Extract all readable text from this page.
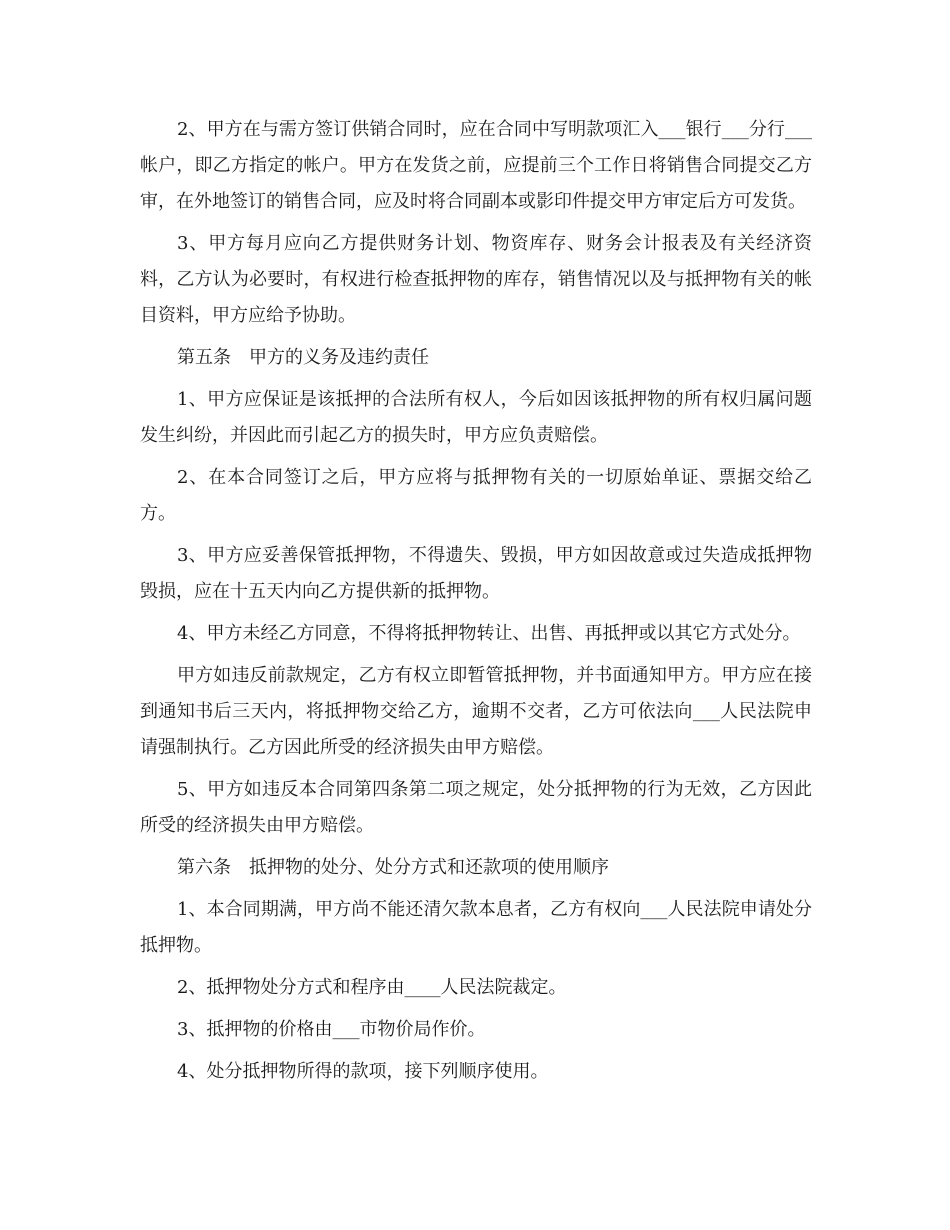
2、甲方在与需方签订供销合同时，应在合同中写明款项汇入___银行___分行___帐户，即乙方指定的帐户。甲方在发货之前，应提前三个工作日将销售合同提交乙方审，在外地签订的销售合同，应及时将合同副本或影印件提交甲方审定后方可发货。

3、甲方每月应向乙方提供财务计划、物资库存、财务会计报表及有关经济资料，乙方认为必要时，有权进行检查抵押物的库存，销售情况以及与抵押物有关的帐目资料，甲方应给予协助。

第五条　甲方的义务及违约责任

1、甲方应保证是该抵押的合法所有权人，今后如因该抵押物的所有权归属问题发生纠纷，并因此而引起乙方的损失时，甲方应负责赔偿。

2、在本合同签订之后，甲方应将与抵押物有关的一切原始单证、票据交给乙方。

3、甲方应妥善保管抵押物，不得遗失、毁损，甲方如因故意或过失造成抵押物毁损，应在十五天内向乙方提供新的抵押物。

4、甲方未经乙方同意，不得将抵押物转让、出售、再抵押或以其它方式处分。

甲方如违反前款规定，乙方有权立即暂管抵押物，并书面通知甲方。甲方应在接到通知书后三天内，将抵押物交给乙方，逾期不交者，乙方可依法向___人民法院申请强制执行。乙方因此所受的经济损失由甲方赔偿。

5、甲方如违反本合同第四条第二项之规定，处分抵押物的行为无效，乙方因此所受的经济损失由甲方赔偿。

第六条　抵押物的处分、处分方式和还款项的使用顺序

1、本合同期满，甲方尚不能还清欠款本息者，乙方有权向___人民法院申请处分抵押物。

2、抵押物处分方式和程序由____人民法院裁定。

3、抵押物的价格由___市物价局作价。

4、处分抵押物所得的款项，接下列顺序使用。
